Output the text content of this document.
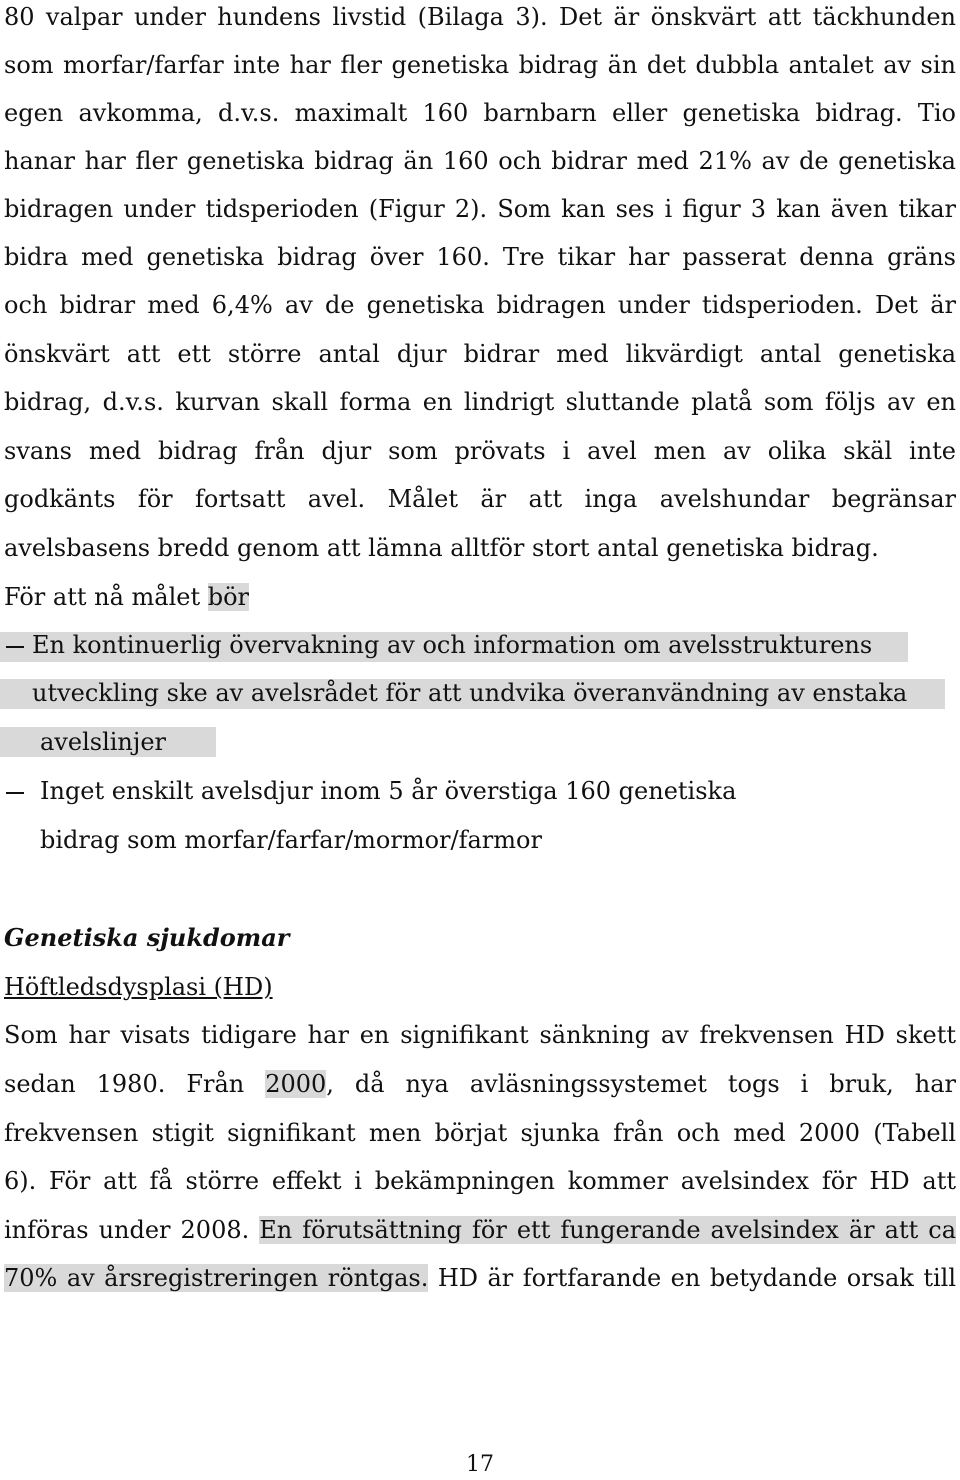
80 valpar under hundens livstid (Bilaga 3). Det är önskvärt att täckhunden
som morfar/farfar inte har fler genetiska bidrag än det dubbla antalet av sin
egen avkomma, d.v.s. maximalt 160 barnbarn eller genetiska bidrag. Tio
hanar har fler genetiska bidrag än 160 och bidrar med 21% av de genetiska
bidragen under tidsperioden (Figur 2). Som kan ses i figur 3 kan även tikar
bidra med genetiska bidrag över 160. Tre tikar har passerat denna gräns
och bidrar med 6,4% av de genetiska bidragen under tidsperioden. Det är
önskvärt att ett större antal djur bidrar med likvärdigt antal genetiska
bidrag, d.v.s. kurvan skall forma en lindrigt sluttande platå som följs av en
svans med bidrag från djur som prövats i avel men av olika skäl inte
godkänts för fortsatt avel. Målet är att inga avelshundar begränsar
avelsbasens bredd genom att lämna alltför stort antal genetiska bidrag.
För att nå målet bör
En kontinuerlig övervakning av och information om avelsstrukturens
utveckling ske av avelsrådet för att undvika överanvändning av enstaka
avelslinjer
Inget enskilt avelsdjur inom 5 år överstiga 160 genetiska
bidrag som morfar/farfar/mormor/farmor
Genetiska sjukdomar
Höftledsdysplasi (HD)
Som har visats tidigare har en signifikant sänkning av frekvensen HD skett
sedan 1980. Från 2000, då nya avläsningssystemet togs i bruk, har
frekvensen stigit signifikant men börjat sjunka från och med 2000 (Tabell
6). För att få större effekt i bekämpningen kommer avelsindex för HD att
införas under 2008. En förutsättning för ett fungerande avelsindex är att ca
70% av årsregistreringen röntgas. HD är fortfarande en betydande orsak till
17
